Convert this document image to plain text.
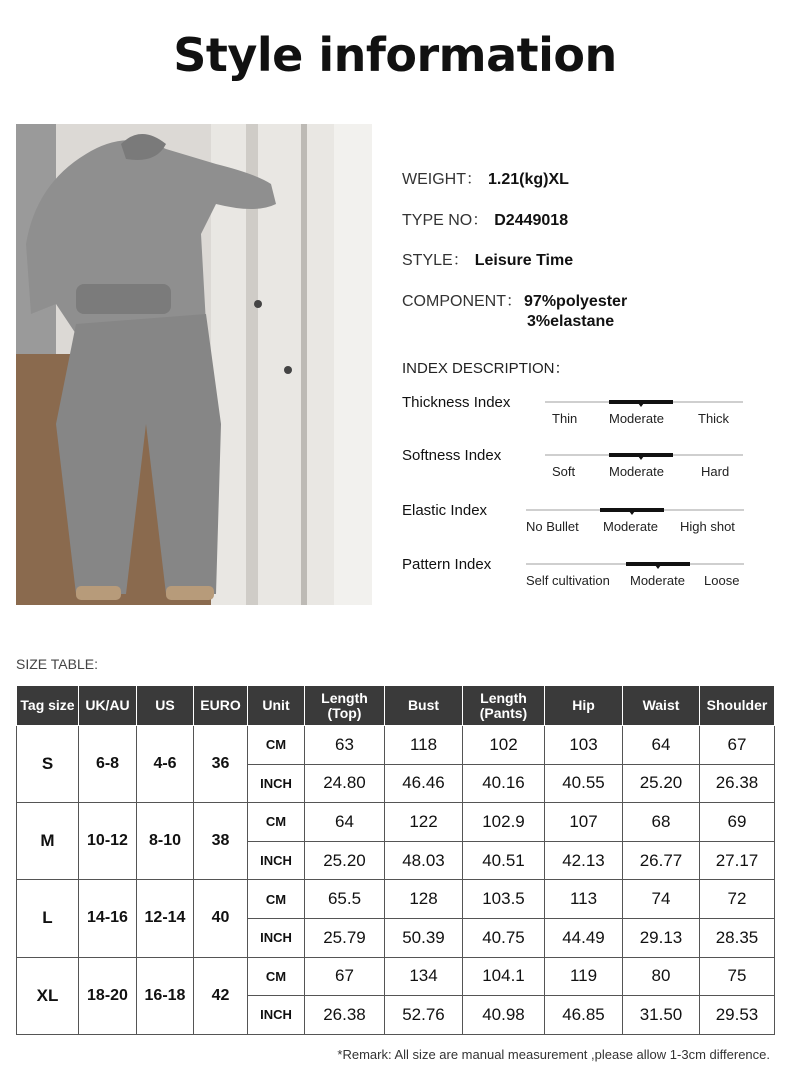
Style information
WEIGHT： 1.21(kg)XL
TYPE NO： D2449018
STYLE： Leisure Time
COMPONENT： 97%polyester
3%elastane
INDEX DESCRIPTION：
Thickness Index
Thin Moderate	Thick
Softness Index
Soft	Moderate	Hard
Elastic Index
No Bullet Moderate High shot
Pattern Index
Self cultivation Moderate Loose
SIZE TABLE:
Tag size	UK/AU	US	EURO	Unit	Length (Top)	Bust	Length (Pants)	Hip	Waist	Shoulder
S	6-8	4-6	36	CM	63	118	102	103	64	67
				INCH	24.80	46.46	40.16	40.55	25.20	26.38
M	10-12	8-10	38	CM	64	122	102.9	107	68	69
				INCH	25.20	48.03	40.51	42.13	26.77	27.17
L	14-16	12-14	40	CM	65.5	128	103.5	113	74	72
				INCH	25.79	50.39	40.75	44.49	29.13	28.35
XL	18-20	16-18	42	CM	67	134	104.1	119	80	75
				INCH	26.38	52.76	40.98	46.85	31.50	29.53
*Remark: All size are manual measurement ,please allow 1-3cm difference.
